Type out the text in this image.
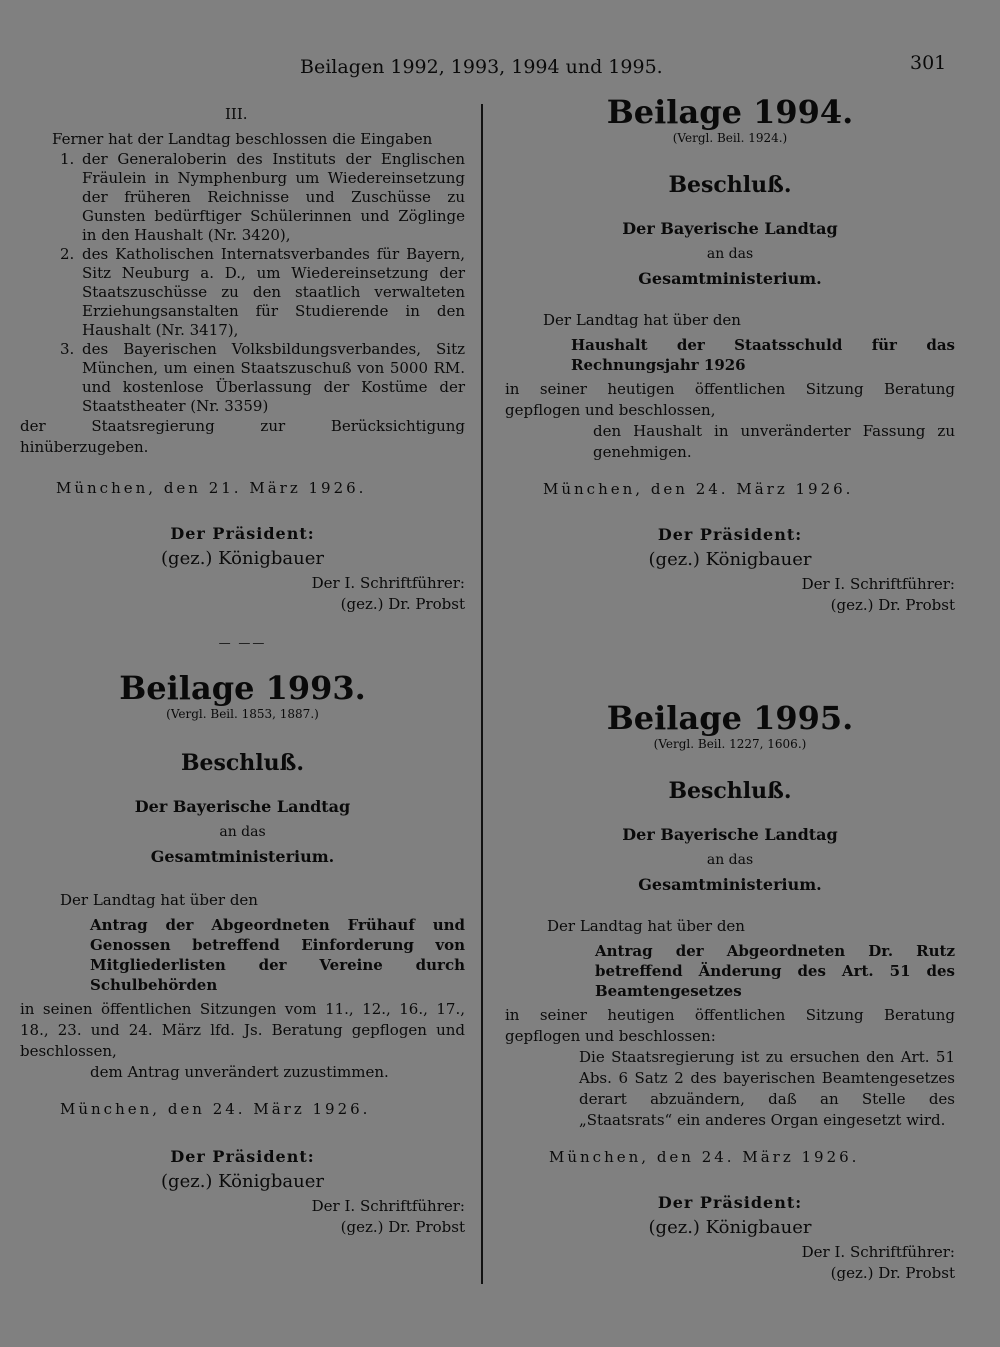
Beilagen 1992, 1993, 1994 und 1995.	301

III.

Ferner hat der Landtag beschlossen die Eingaben

1. der Generaloberin des Instituts der Englischen Fräulein in Nymphenburg um Wiedereinsetzung der früheren Reichnisse und Zuschüsse zu Gunsten bedürftiger Schülerinnen und Zöglinge in den Haushalt (Nr. 3420),
2. des Katholischen Internatsverbandes für Bayern, Sitz Neuburg a. D., um Wiedereinsetzung der Staatszuschüsse zu den staatlich verwalteten Erziehungsanstalten für Studierende in den Haushalt (Nr. 3417),
3. des Bayerischen Volksbildungsverbandes, Sitz München, um einen Staatszuschuß von 5000 RM. und kostenlose Überlassung der Kostüme der Staatstheater (Nr. 3359)

der Staatsregierung zur Berücksichtigung hinüberzugeben.

München, den 21. März 1926.

Der Präsident:

(gez.) Königbauer

Der I. Schriftführer:

(gez.) Dr. Probst

— ——

Beilage 1993.

(Vergl. Beil. 1853, 1887.)

Beschluß.

Der Bayerische Landtag

an das

Gesamtministerium.

Der Landtag hat über den

Antrag der Abgeordneten Frühauf und Genossen betreffend Einforderung von Mitgliederlisten der Vereine durch Schulbehörden

in seinen öffentlichen Sitzungen vom 11., 12., 16., 17., 18., 23. und 24. März lfd. Js. Beratung gepflogen und beschlossen,

dem Antrag unverändert zuzustimmen.

München, den 24. März 1926.

Der Präsident:

(gez.) Königbauer

Der I. Schriftführer:

(gez.) Dr. Probst

Beilage 1994.

(Vergl. Beil. 1924.)

Beschluß.

Der Bayerische Landtag

an das

Gesamtministerium.

Der Landtag hat über den

Haushalt der Staatsschuld für das Rechnungsjahr 1926

in seiner heutigen öffentlichen Sitzung Beratung gepflogen und beschlossen,

den Haushalt in unveränderter Fassung zu genehmigen.

München, den 24. März 1926.

Der Präsident:

(gez.) Königbauer

Der I. Schriftführer:

(gez.) Dr. Probst

Beilage 1995.

(Vergl. Beil. 1227, 1606.)

Beschluß.

Der Bayerische Landtag

an das

Gesamtministerium.

Der Landtag hat über den

Antrag der Abgeordneten Dr. Rutz betreffend Änderung des Art. 51 des Beamtengesetzes

in seiner heutigen öffentlichen Sitzung Beratung gepflogen und beschlossen:

Die Staatsregierung ist zu ersuchen den Art. 51 Abs. 6 Satz 2 des bayerischen Beamtengesetzes derart abzuändern, daß an Stelle des „Staatsrats“ ein anderes Organ eingesetzt wird.

München, den 24. März 1926.

Der Präsident:

(gez.) Königbauer

Der I. Schriftführer:

(gez.) Dr. Probst
